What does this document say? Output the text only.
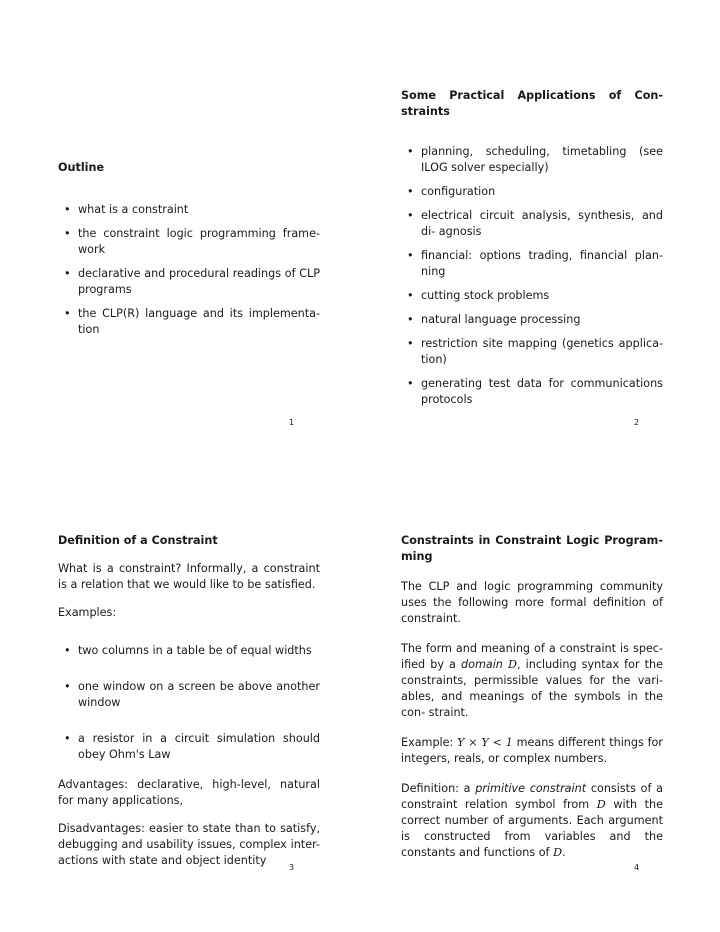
Outline

• what is a constraint
• the constraint logic programming frame- work
• declarative and procedural readings of CLP programs
• the CLP(R) language and its implementa- tion
1

Some Practical Applications of Con- straints

• planning, scheduling, timetabling (see ILOG solver especially)
• configuration
• electrical circuit analysis, synthesis, and di- agnosis
• financial: options trading, financial plan- ning
• cutting stock problems
• natural language processing
• restriction site mapping (genetics applica- tion)
• generating test data for communications protocols
2

Definition of a Constraint

What is a constraint? Informally, a constraint is a relation that we would like to be satisfied.

Examples:

• two columns in a table be of equal widths
• one window on a screen be above another window
• a resistor in a circuit simulation should obey Ohm's Law

Advantages: declarative, high-level, natural for many applications,

Disadvantages: easier to state than to satisfy, debugging and usability issues, complex inter- actions with state and object identity

3

Constraints in Constraint Logic Program- ming

The CLP and logic programming community uses the following more formal definition of constraint.

The form and meaning of a constraint is spec- ified by a domain D, including syntax for the constraints, permissible values for the vari- ables, and meanings of the symbols in the con- straint.

Example: Y × Y < 1 means different things for integers, reals, or complex numbers.

Definition: a primitive constraint consists of a constraint relation symbol from D with the correct number of arguments. Each argument is constructed from variables and the constants and functions of D.

4
